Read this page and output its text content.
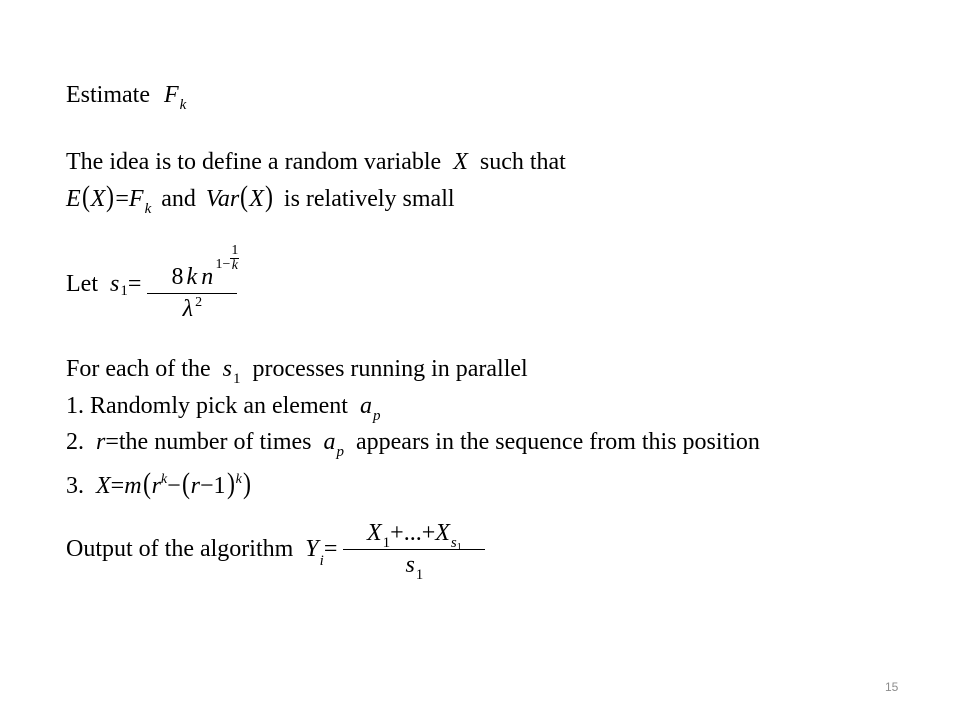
Estimate $F_k$
The idea is to define a random variable X such that
$E(X)=F_k$ and Var(X) is relatively small
Let $s_1= \frac{8 k n 1- \frac{1}{k}}{\lambda ^2}$
For each of the $s_1$ processes running in parallel
1. Randomly pick an element $a_p$
2. r=the number of times $a_p$ appears in the sequence from this position
3. $X=m(r^k-(r-1)^k)$
Output of the algorithm $Y_i= \frac{X_1+...+X_{s1}}{s_1}$
15
